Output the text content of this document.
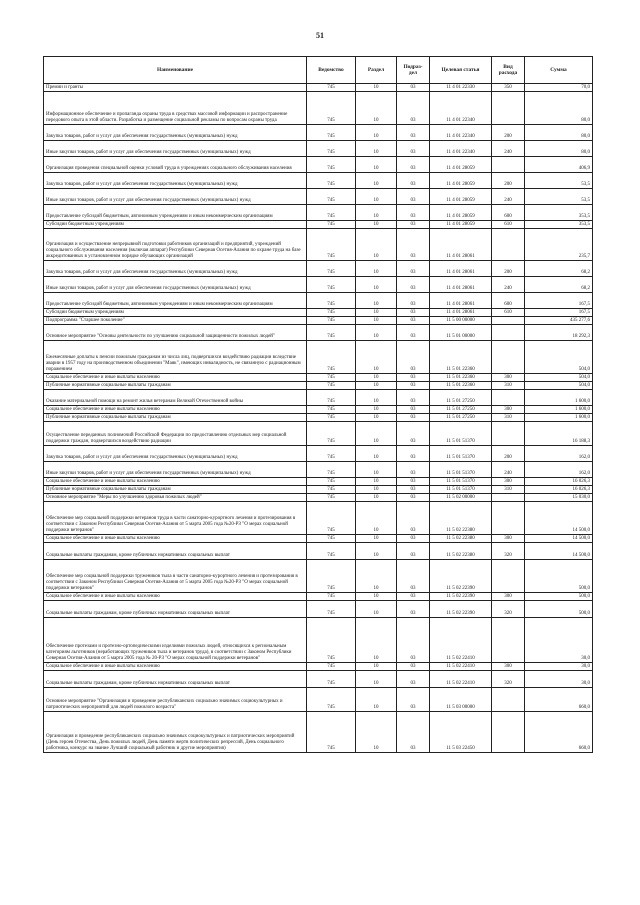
51
Наименование	Ведомство	Раздел	Подраз- дел	Целевая статья	Вид расхода	Сумма
Премии и гранты	745	10	03	11 4 01 22330	350	70,0
Информационное обеспечение и пропаганда охраны труда в средствах массовой информации и распространение передового опыта в этой области. Разработка и размещение социальной рекламы по вопросам охраны труда	745	10	03	11 4 01 22340		80,0
Закупка товаров, работ и услуг для обеспечения государственных (муниципальных) нужд	745	10	03	11 4 01 22340	200	80,0
Иные закупки товаров, работ и услуг для обеспечения государственных (муниципальных) нужд	745	10	03	11 4 01 22340	240	80,0
Организация проведения специальной оценки условий труда в учреждениях социального обслуживания населения	745	10	03	11 4 01 28059		406,9
Закупка товаров, работ и услуг для обеспечения государственных (муниципальных) нужд	745	10	03	11 4 01 28059	200	53,5
Иные закупки товаров, работ и услуг для обеспечения государственных (муниципальных) нужд	745	10	03	11 4 01 28059	240	53,5
Предоставление субсидий бюджетным, автономным учреждениям и иным некоммерческим организациям	745	10	03	11 4 01 28059	600	353,5
Субсидии бюджетным учреждениям	745	10	03	11 4 01 28059	610	353,5
Организация и осуществление непрерывной подготовки работников организаций и предприятий, учреждений социального обслуживания населения (включая аппарат) Республики Северная Осетия-Алания по охране труда на базе аккредитованных в установленном порядке обучающих организаций	745	10	03	11 4 01 28061		235,7
Закупка товаров, работ и услуг для обеспечения государственных (муниципальных) нужд	745	10	03	11 4 01 28061	200	68,2
Иные закупки товаров, работ и услуг для обеспечения государственных (муниципальных) нужд	745	10	03	11 4 01 28061	240	68,2
Предоставление субсидий бюджетным, автономным учреждениям и иным некоммерческим организациям	745	10	03	11 4 01 28061	600	167,5
Субсидии бюджетным учреждениям	745	10	03	11 4 01 28061	610	167,5
Подпрограмма "Старшее поколение"	745	10	03	11 5 00 00000		435 277,6
Основное мероприятие "Основы деятельности по улучшению социальной защищенности пожилых людей"	745	10	03	11 5 01 00000		18 292,3
Ежемесячные доплаты к пенсии пожилым гражданам из числа лиц, подвергшихся воздействию радиации вследствие аварии в 1957 году на производственном объединении "Маяк", имеющих инвалидность, не связанную с радиационным поражением	745	10	03	11 5 01 22360		504,0
Социальное обеспечение и иные выплаты населению	745	10	03	11 5 01 22360	300	504,0
Публичные нормативные социальные выплаты гражданам	745	10	03	11 5 01 22360	310	504,0
Оказание материальной помощи на ремонт жилья ветеранам Великой Отечественной войны	745	10	03	11 5 01 27250		1 600,0
Социальное обеспечение и иные выплаты населению	745	10	03	11 5 01 27250	300	1 600,0
Публичные нормативные социальные выплаты гражданам	745	10	03	11 5 01 27250	310	1 600,0
Осуществление переданных полномочий Российской Федерации по предоставлению отдельных мер социальной поддержки граждан, подвергшихся воздействию радиации	745	10	03	11 5 01 51370		16 188,3
Закупка товаров, работ и услуг для обеспечения государственных (муниципальных) нужд	745	10	03	11 5 01 51370	200	162,0
Иные закупки товаров, работ и услуг для обеспечения государственных (муниципальных) нужд	745	10	03	11 5 01 51370	240	162,0
Социальное обеспечение и иные выплаты населению	745	10	03	11 5 01 51370	300	16 026,3
Публичные нормативные социальные выплаты гражданам	745	10	03	11 5 01 51370	310	16 026,3
Основное мероприятие "Меры по улучшению здоровья пожилых людей"	745	10	03	11 5 02 00000		15 030,0
Обеспечение мер социальной поддержки ветеранов труда в части санаторно-курортного лечения и протезирования в соответствии с Законом Республики Северная Осетия-Алания от 5 марта 2005 года №20-РЗ "О мерах социальной поддержки ветеранов"	745	10	03	11 5 02 22380		14 500,0
Социальное обеспечение и иные выплаты населению	745	10	03	11 5 02 22380	300	14 500,0
Социальные выплаты гражданам, кроме публичных нормативных социальных выплат	745	10	03	11 5 02 22380	320	14 500,0
Обеспечение мер социальной поддержки тружеников тыла в части санаторно-курортного лечения и протезирования в соответствии с Законом Республики Северная Осетия-Алания от 5 марта 2005 года №20-РЗ "О мерах социальной поддержки ветеранов"	745	10	03	11 5 02 22390		500,0
Социальное обеспечение и иные выплаты населению	745	10	03	11 5 02 22390	300	500,0
Социальные выплаты гражданам, кроме публичных нормативных социальных выплат	745	10	03	11 5 02 22390	320	500,0
Обеспечение протезами и протезно-ортопедическими изделиями пожилых людей, относящихся к региональным категориям льготников (неработающих тружеников тыла и ветеранов труда), в соответствии с Законом Республики Северная Осетия-Алания от 5 марта 2005 года № 20-РЗ "О мерах социальной поддержки ветеранов"	745	10	03	11 5 02 22410		30,0
Социальное обеспечение и иные выплаты населению	745	10	03	11 5 02 22410	300	30,0
Социальные выплаты гражданам, кроме публичных нормативных социальных выплат	745	10	03	11 5 02 22410	320	30,0
Основное мероприятие "Организация и проведение республиканских социально значимых социокультурных и патриотических мероприятий для людей пожилого возраста"	745	10	03	11 5 03 00000		660,0
Организация и проведение республиканских социально значимых социокультурных и патриотических мероприятий (День героев Отечества, День пожилых людей, День памяти жертв политических репрессий, День социального работника, конкурс на звание Лучший социальный работник и другие мероприятия)	745	10	03	11 5 03 22450		660,0
